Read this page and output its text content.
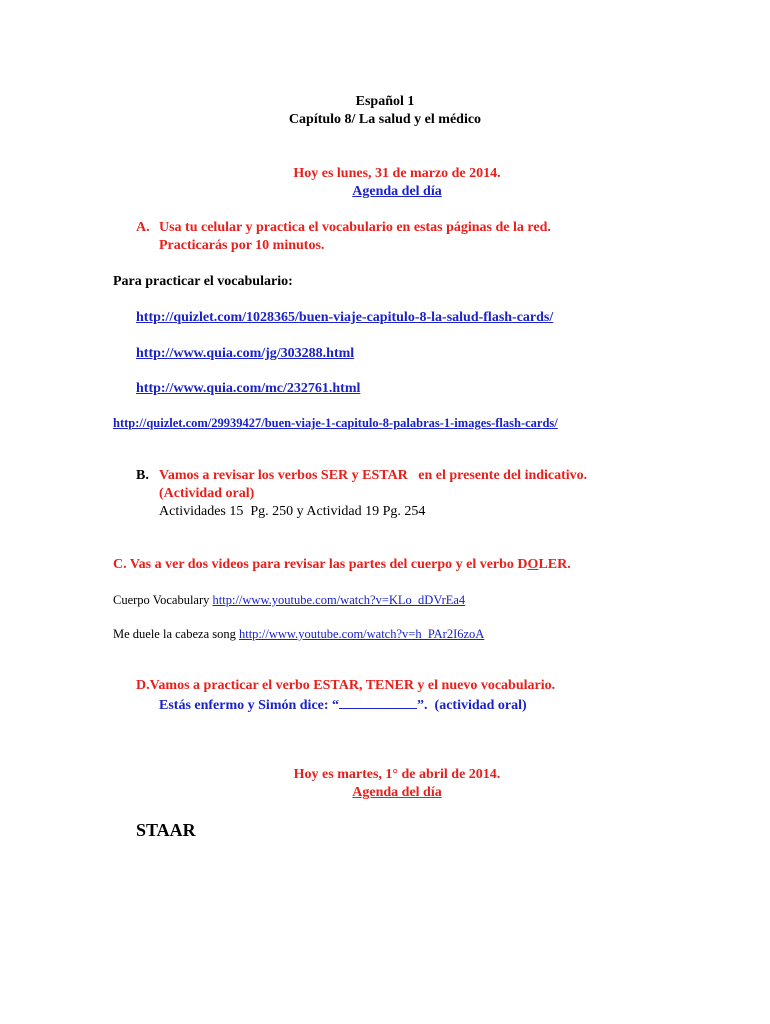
Español 1
Capítulo 8/ La salud y el médico
Hoy es lunes, 31 de marzo de 2014.
Agenda del día
A. Usa tu celular y practica el vocabulario en estas páginas de la red.
Practicarás por 10 minutos.
Para practicar el vocabulario:
http://quizlet.com/1028365/buen-viaje-capitulo-8-la-salud-flash-cards/
http://www.quia.com/jg/303288.html
http://www.quia.com/mc/232761.html
http://quizlet.com/29939427/buen-viaje-1-capitulo-8-palabras-1-images-flash-cards/
B. Vamos a revisar los verbos SER y ESTAR   en el presente del indicativo.
(Actividad oral)
Actividades 15  Pg. 250 y Actividad 19 Pg. 254
C. Vas a ver dos videos para revisar las partes del cuerpo y el verbo DOLER.
Cuerpo Vocabulary http://www.youtube.com/watch?v=KLo_dDVrEa4
Me duele la cabeza song http://www.youtube.com/watch?v=h_PAr2I6zoA
D.Vamos a practicar el verbo ESTAR, TENER y el nuevo vocabulario.
Estás enfermo y Simón dice: “	”.  (actividad oral)
Hoy es martes, 1° de abril de 2014.
Agenda del día
STAAR
